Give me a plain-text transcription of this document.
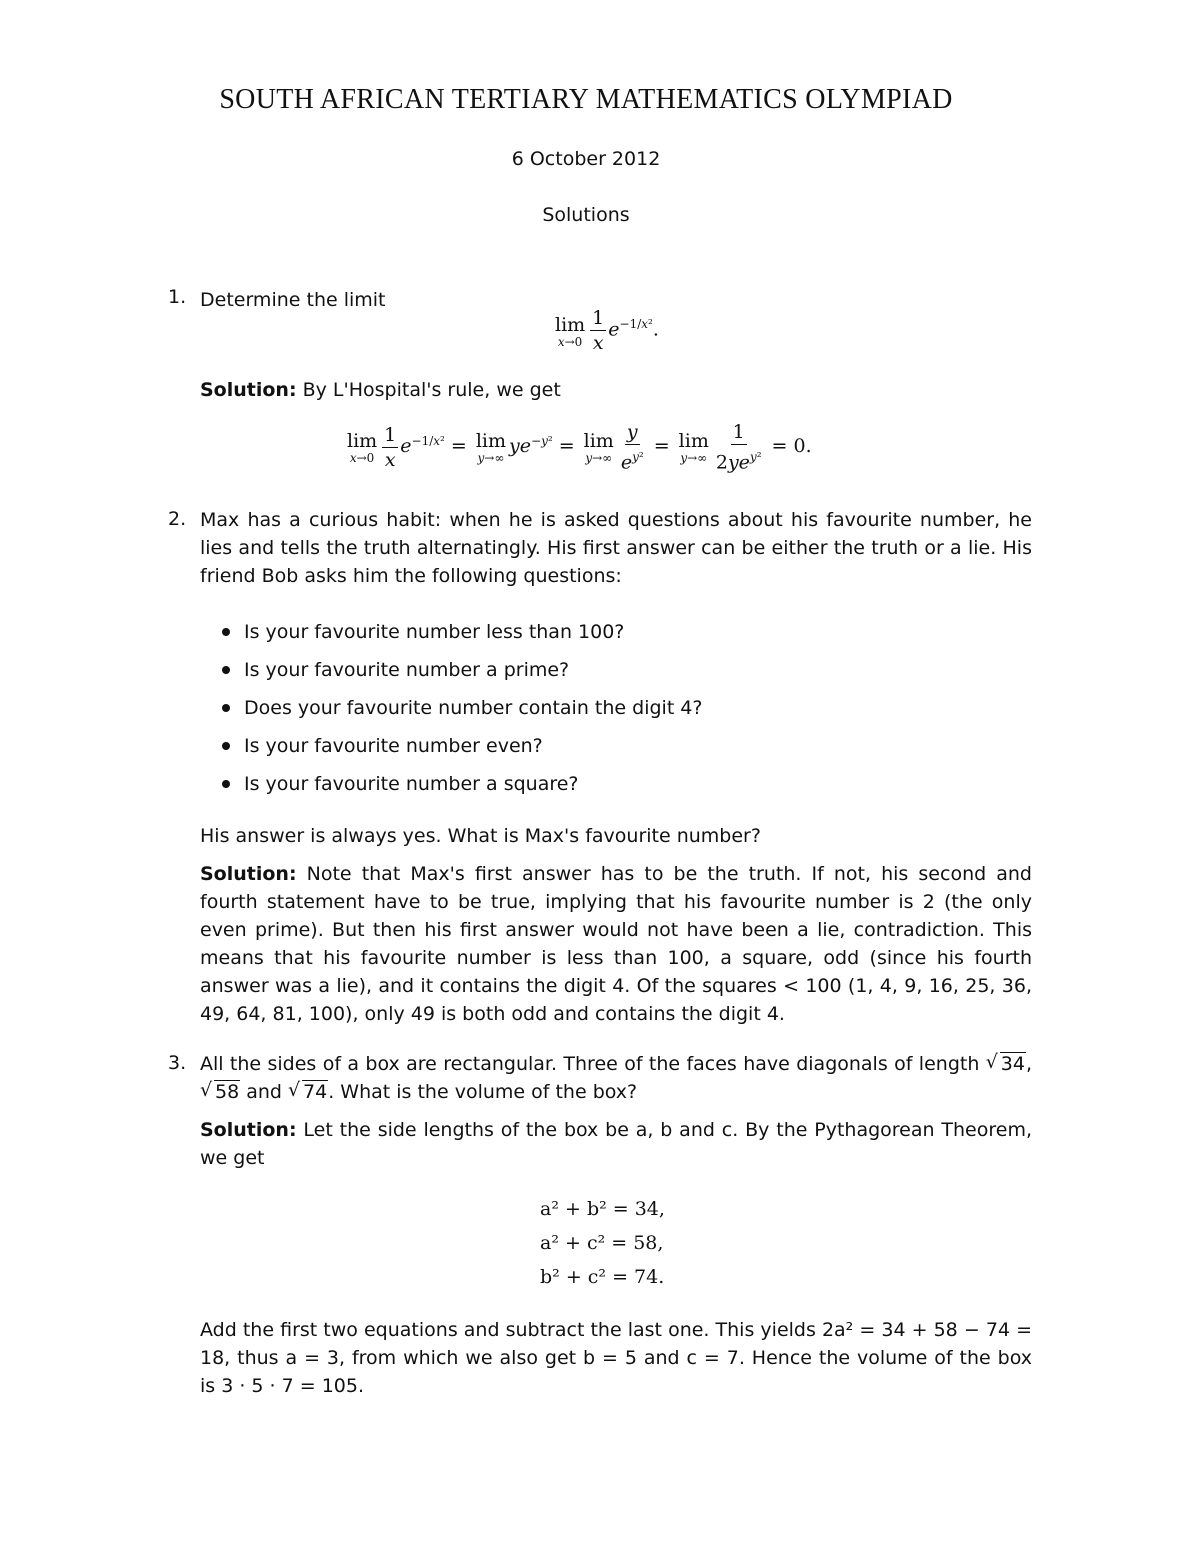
SOUTH AFRICAN TERTIARY MATHEMATICS OLYMPIAD
6 October 2012
Solutions
1. Determine the limit
lim
$x\to 0 \frac{1}{x} e^{-1/x^2}$.
Solution: By L'Hospital's rule, we get
lim
$x\to 0 \frac{1}{x} e^{-1/x^2} = \lim$
y→∞
$ye^{-y^2} = \lim$
$y\to\infty \frac{y}{e^{y^2}} = \lim$
$y\to\infty \frac{1}{2ye^{y^2}} = 0$.
2. Max has a curious habit: when he is asked questions about his favourite number, he lies and tells the truth alternatingly. His first answer can be either the truth or a lie. His friend Bob asks him the following questions:
Is your favourite number less than 100?
Is your favourite number a prime?
Does your favourite number contain the digit 4?
Is your favourite number even?
Is your favourite number a square?
His answer is always yes. What is Max's favourite number?
Solution: Note that Max's first answer has to be the truth. If not, his second and fourth statement have to be true, implying that his favourite number is 2 (the only even prime). But then his first answer would not have been a lie, contradiction. This means that his favourite number is less than 100, a square, odd (since his fourth answer was a lie), and it contains the digit 4. Of the squares < 100 (1, 4, 9, 16, 25, 36, 49, 64, 81, 100), only 49 is both odd and contains the digit 4.
3. All the sides of a box are rectangular. Three of the faces have diagonals of length √ 34,
√ 58 and √ 74. What is the volume of the box?
Solution: Let the side lengths of the box be a, b and c. By the Pythagorean Theorem, we get
a² + b² = 34,
a² + c² = 58,
b² + c² = 74.
Add the first two equations and subtract the last one. This yields 2a² = 34 + 58 − 74 = 18, thus a = 3, from which we also get b = 5 and c = 7. Hence the volume of the box is 3 · 5 · 7 = 105.
